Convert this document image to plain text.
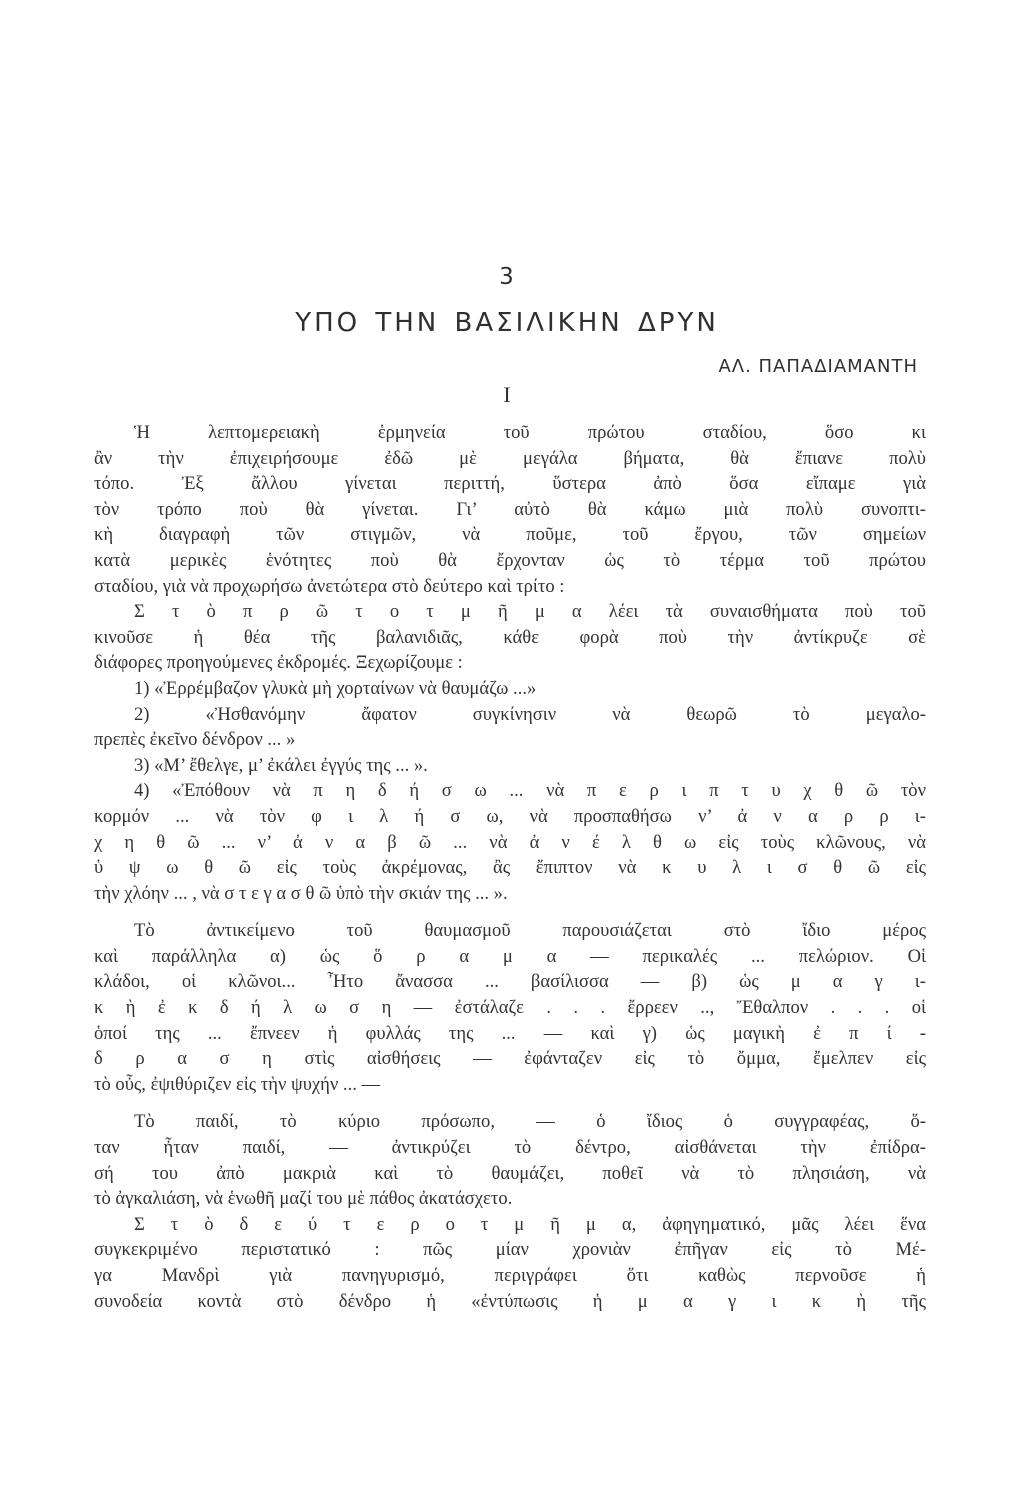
3
ΥΠΟ ΤΗΝ ΒΑΣΙΛΙΚΗΝ ΔΡΥΝ
ΑΛ. ΠΑΠΑΔΙΑΜΑΝΤΗ
I
Ἡ λεπτομερειακὴ ἑρμηνεία τοῦ πρώτου σταδίου, ὅσο κι
ἂν τὴν ἐπιχειρήσουμε ἐδῶ μὲ μεγάλα βήματα, θὰ ἔπιανε πολὺ
τόπο. Ἐξ ἄλλου γίνεται περιττή, ὕστερα ἀπὸ ὅσα εἴπαμε γιὰ
τὸν τρόπο ποὺ θὰ γίνεται. Γι’ αὐτὸ θὰ κάμω μιὰ πολὺ συνοπτι-
κὴ διαγραφὴ τῶν στιγμῶν, νὰ ποῦμε, τοῦ ἔργου, τῶν σημείων
κατὰ μερικὲς ἑνότητες ποὺ θὰ ἔρχονταν ὡς τὸ τέρμα τοῦ πρώτου
σταδίου, γιὰ νὰ προχωρήσω ἀνετώτερα στὸ δεύτερο καὶ τρίτο :
Σ τ ὸ π ρ ῶ τ ο τ μ ῆ μ α λέει τὰ συναισθήματα ποὺ τοῦ
κινοῦσε ἡ θέα τῆς βαλανιδιᾶς, κάθε φορὰ ποὺ τὴν ἀντίκρυζε σὲ
διάφορες προηγούμενες ἐκδρομές. Ξεχωρίζουμε :
1) «Ἐρρέμβαζον γλυκὰ μὴ χορταίνων νὰ θαυμάζω ...»
2) «Ἠσθανόμην ἄφατον συγκίνησιν νὰ θεωρῶ τὸ μεγαλο-
πρεπὲς ἐκεῖνο δένδρον ... »
3) «Μ’ ἔθελγε, μ’ ἐκάλει ἐγγύς της ... ».
4) «Ἐπόθουν νὰ π η δ ή σ ω ... νὰ π ε ρ ι π τ υ χ θ ῶ τὸν
κορμόν ... νὰ τὸν φ ι λ ή σ ω, νὰ προσπαθήσω ν’ ἀ ν α ρ ρ ι-
χ η θ ῶ ... ν’ ἀ ν α β ῶ ... νὰ ἀ ν έ λ θ ω εἰς τοὺς κλῶνους, νὰ
ὑ ψ ω θ ῶ εἰς τοὺς ἀκρέμονας, ἂς ἔπιπτον νὰ κ υ λ ι σ θ ῶ εἰς
τὴν χλόην ... , νὰ σ τ ε γ α σ θ ῶ ὑπὸ τὴν σκιάν της ... ».
Τὸ ἀντικείμενο τοῦ θαυμασμοῦ παρουσιάζεται στὸ ἴδιο μέρος
καὶ παράλληλα α) ὡς ὅ ρ α μ α — περικαλές ... πελώριον. Οἱ
κλάδοι, οἱ κλῶνοι... Ἦτο ἄνασσα ... βασίλισσα — β) ὡς μ α γ ι-
κ ὴ ἐ κ δ ή λ ω σ η — ἐστάλαζε . . . ἔρρεεν .., Ἔθαλπον . . . οἱ
ὁποί της ... ἔπνεεν ἡ φυλλάς της ... — καὶ γ) ὡς μαγικὴ ἐ π ί -
δ ρ α σ η στὶς αἰσθήσεις — ἐφάνταζεν εἰς τὸ ὄμμα, ἔμελπεν εἰς
τὸ οὖς, ἐψιθύριζεν εἰς τὴν ψυχήν ... —
Τὸ παιδί, τὸ κύριο πρόσωπο, — ὁ ἴδιος ὁ συγγραφέας, ὅ-
ταν ἦταν παιδί, — ἀντικρύζει τὸ δέντρο, αἰσθάνεται τὴν ἐπίδρα-
σή του ἀπὸ μακριὰ καὶ τὸ θαυμάζει, ποθεῖ νὰ τὸ πλησιάση, νὰ
τὸ ἀγκαλιάση, νὰ ἑνωθῆ μαζί του μὲ πάθος ἀκατάσχετο.
Σ τ ὸ δ ε ύ τ ε ρ ο τ μ ῆ μ α, ἀφηγηματικό, μᾶς λέει ἕνα
συγκεκριμένο περιστατικό : πῶς μίαν χρονιὰν ἐπῆγαν εἰς τὸ Μέ-
γα Μανδρὶ γιὰ πανηγυρισμό, περιγράφει ὅτι καθὼς περνοῦσε ἡ
συνοδεία κοντὰ στὸ δένδρο ἡ «ἐντύπωσις ἡ μ α γ ι κ ὴ τῆς
